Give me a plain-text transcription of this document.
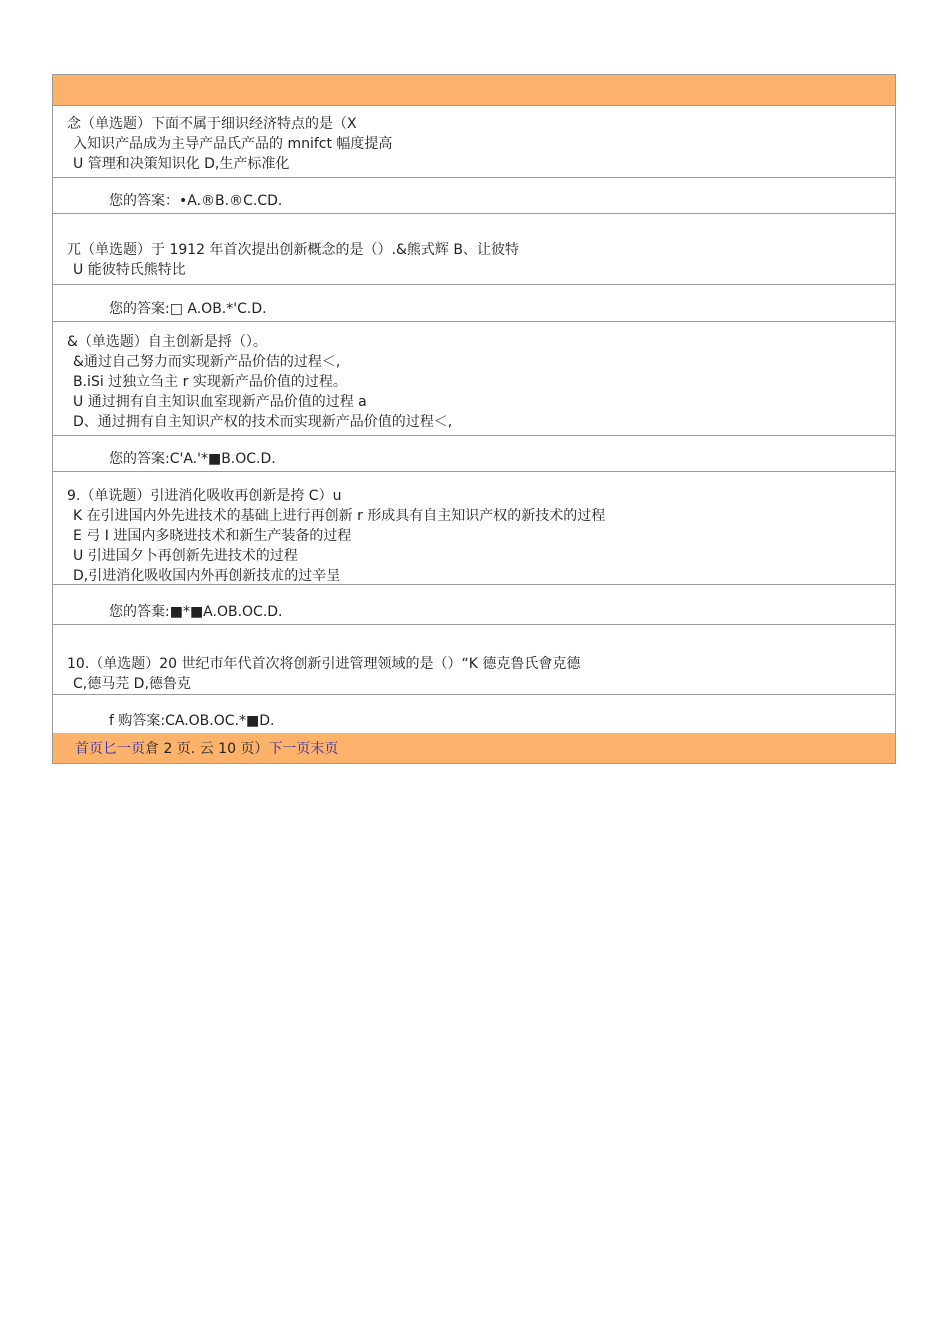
念（单选题）下面不属于细识经济特点的是（X
入知识产品成为主导产品氏产品的 mnifct 幅度提高
U 管理和决策知识化 D,生产标准化
您的答案： •A.®B.®C.CD.
兀（单选题）于 1912 年首次提出创新概念的是（）.&熊式辉 B、让彼特
U 能彼特氏熊特比
您的答案: □ A.OB.*'C.D.
&（单选题）自主创新是捋（）。
&通过自己努力而实现新产品价佶的过程＜,
B.iSi 过独立刍主 r 实现新产品价值的过程。
U 通过拥有自主知识血室现新产品价值的过程 a
D、通过拥有自主知识产权的技术而实现新产品价值的过程＜,
您的答案: C'A.'*■B.OC.D.
9.（单诜题）引进消化吸收再创新是挎 C）u
K 在引进国内外先进技术的基础上进行再创新 r 形成具有自主知识产权的新技术的过程
E 弓 I 进国内多晓进技术和新生产装备的过程
U 引进国夕卜再创新先进技术的过程
D,引进消化吸收国内外再创新技朮的过辛呈
您的答棄: ■*■A.OB.OC.D.
10.（单选题）20 世纪巿年代首次将创新引进管理领域的是（）“K 德克鲁氏會克德
C,德马芫 D,德鲁克
f 购答案: CA.OB.OC.*■D.
首页匕一页 倉 2 页. 云 10 页） 下一页末页
